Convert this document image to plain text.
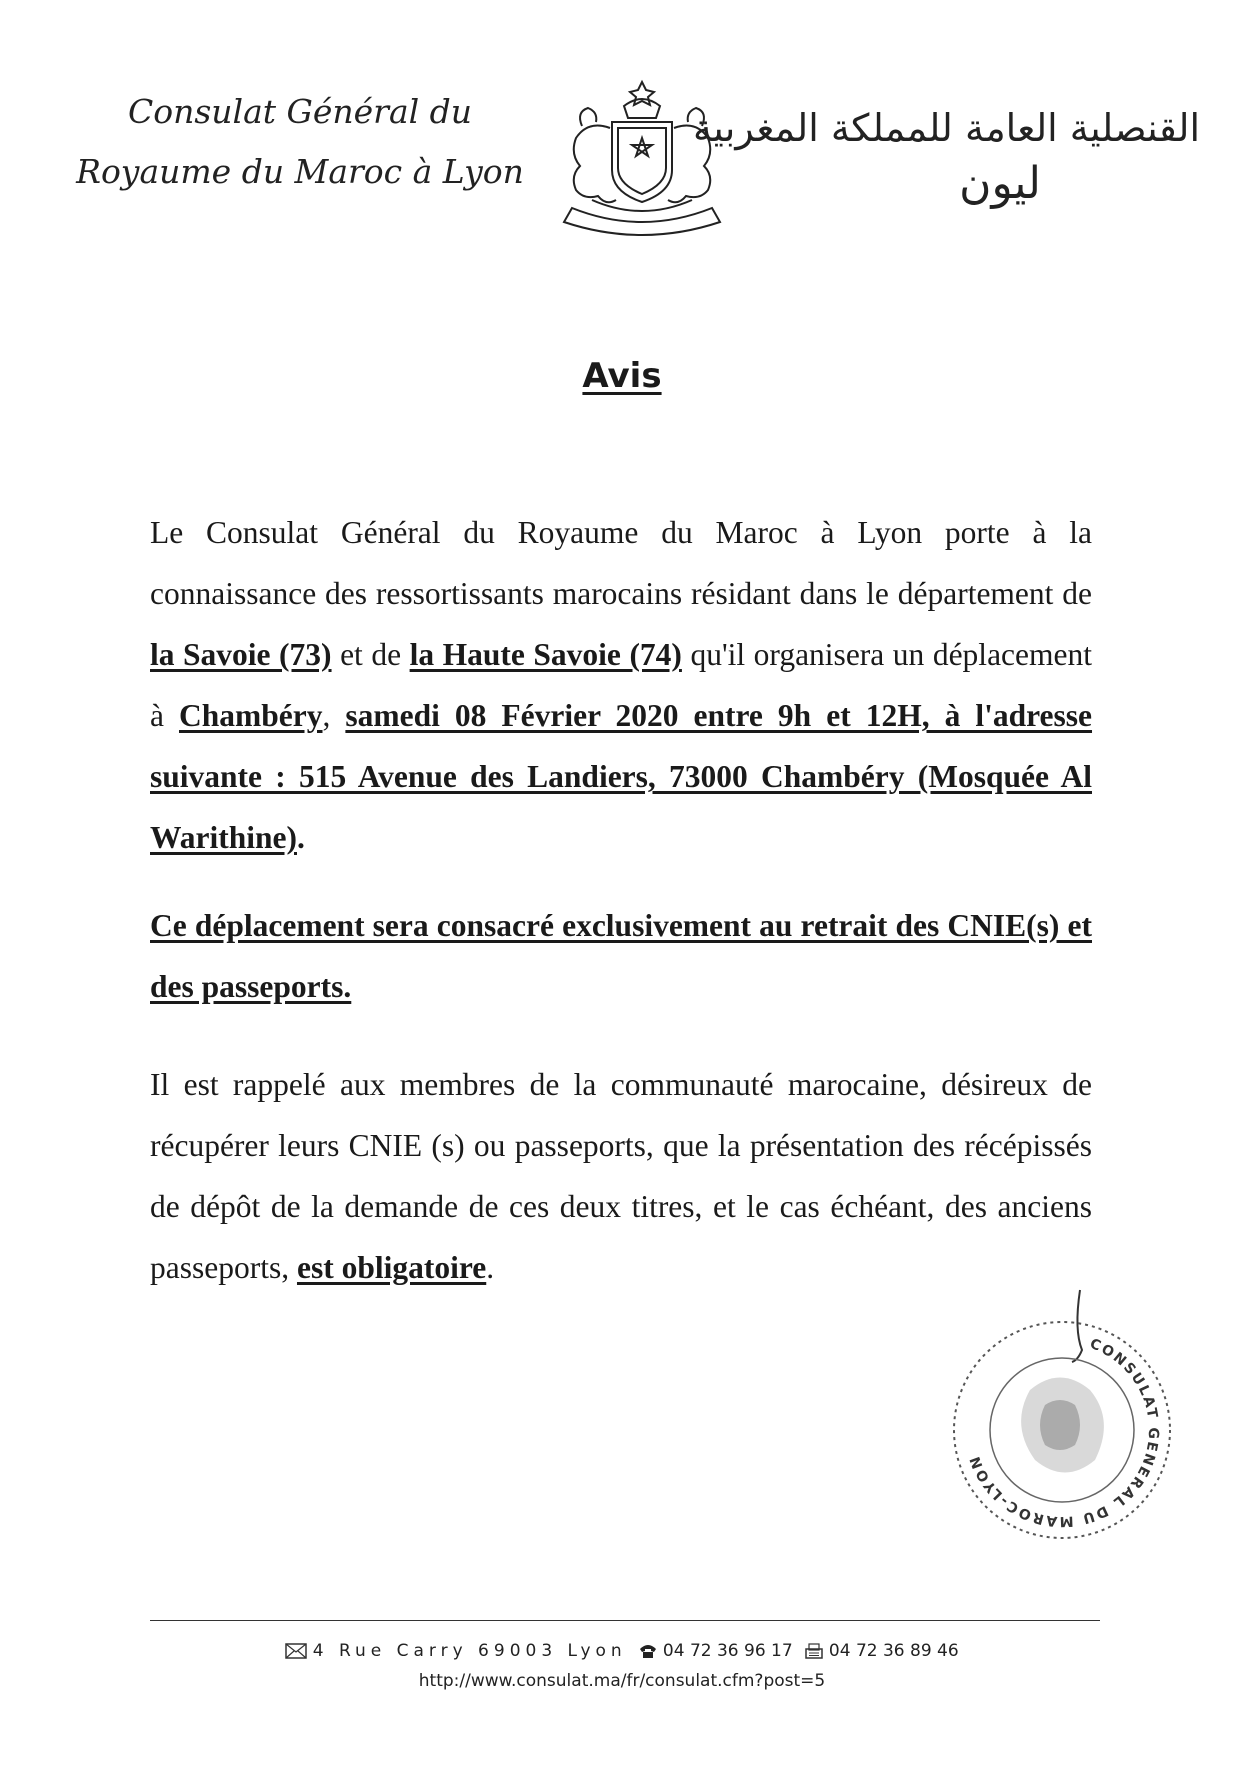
Consulat Général du
Royaume du Maroc à Lyon
القنصلية العامة للمملكة المغربية
ليون
Avis
Le Consulat Général du Royaume du Maroc à Lyon porte à la connaissance des ressortissants marocains résidant dans le département de la Savoie (73) et de la Haute Savoie (74) qu'il organisera un déplacement à Chambéry, samedi 08 Février 2020 entre 9h et 12H, à l'adresse suivante : 515 Avenue des Landiers, 73000 Chambéry (Mosquée Al Warithine).
Ce déplacement sera consacré exclusivement au retrait des CNIE(s) et des passeports.
Il est rappelé aux membres de la communauté marocaine, désireux de récupérer leurs CNIE (s) ou passeports, que la présentation des récépissés de dépôt de la demande de ces deux titres, et le cas échéant, des anciens passeports, est obligatoire.
CONSULAT GENERAL DU MAROC-LYON
4 Rue Carry 69003 Lyon 04 72 36 96 17 04 72 36 89 46
http://www.consulat.ma/fr/consulat.cfm?post=5
